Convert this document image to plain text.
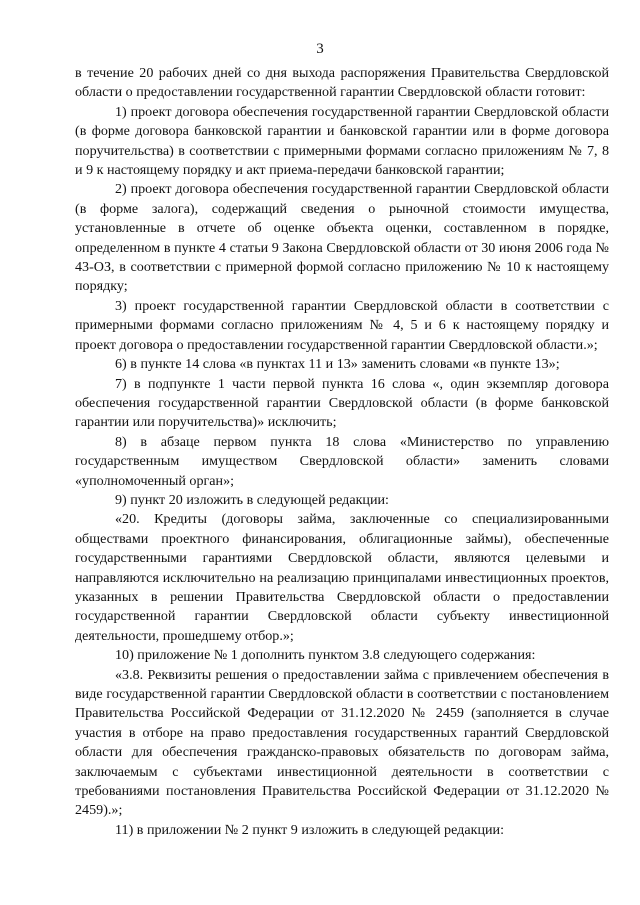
3

в течение 20 рабочих дней со дня выхода распоряжения Правительства Свердловской области о предоставлении государственной гарантии Свердловской области готовит:

1) проект договора обеспечения государственной гарантии Свердловской области (в форме договора банковской гарантии и банковской гарантии или в форме договора поручительства) в соответствии с примерными формами согласно приложениям № 7, 8 и 9 к настоящему порядку и акт приема-передачи банковской гарантии;

2) проект договора обеспечения государственной гарантии Свердловской области (в форме залога), содержащий сведения о рыночной стоимости имущества, установленные в отчете об оценке объекта оценки, составленном в порядке, определенном в пункте 4 статьи 9 Закона Свердловской области от 30 июня 2006 года № 43-ОЗ, в соответствии с примерной формой согласно приложению № 10 к настоящему порядку;

3) проект государственной гарантии Свердловской области в соответствии с примерными формами согласно приложениям № 4, 5 и 6 к настоящему порядку и проект договора о предоставлении государственной гарантии Свердловской области.»;

6) в пункте 14 слова «в пунктах 11 и 13» заменить словами «в пункте 13»;

7) в подпункте 1 части первой пункта 16 слова «, один экземпляр договора обеспечения государственной гарантии Свердловской области (в форме банковской гарантии или поручительства)» исключить;

8) в абзаце первом пункта 18 слова «Министерство по управлению государственным имуществом Свердловской области» заменить словами «уполномоченный орган»;

9) пункт 20 изложить в следующей редакции:

«20. Кредиты (договоры займа, заключенные со специализированными обществами проектного финансирования, облигационные займы), обеспеченные государственными гарантиями Свердловской области, являются целевыми и направляются исключительно на реализацию принципалами инвестиционных проектов, указанных в решении Правительства Свердловской области о предоставлении государственной гарантии Свердловской области субъекту инвестиционной деятельности, прошедшему отбор.»;

10) приложение № 1 дополнить пунктом 3.8 следующего содержания:

«3.8. Реквизиты решения о предоставлении займа с привлечением обеспечения в виде государственной гарантии Свердловской области в соответствии с постановлением Правительства Российской Федерации от 31.12.2020 № 2459 (заполняется в случае участия в отборе на право предоставления государственных гарантий Свердловской области для обеспечения гражданско-правовых обязательств по договорам займа, заключаемым с субъектами инвестиционной деятельности в соответствии с требованиями постановления Правительства Российской Федерации от 31.12.2020 № 2459).»;

11) в приложении № 2 пункт 9 изложить в следующей редакции:
